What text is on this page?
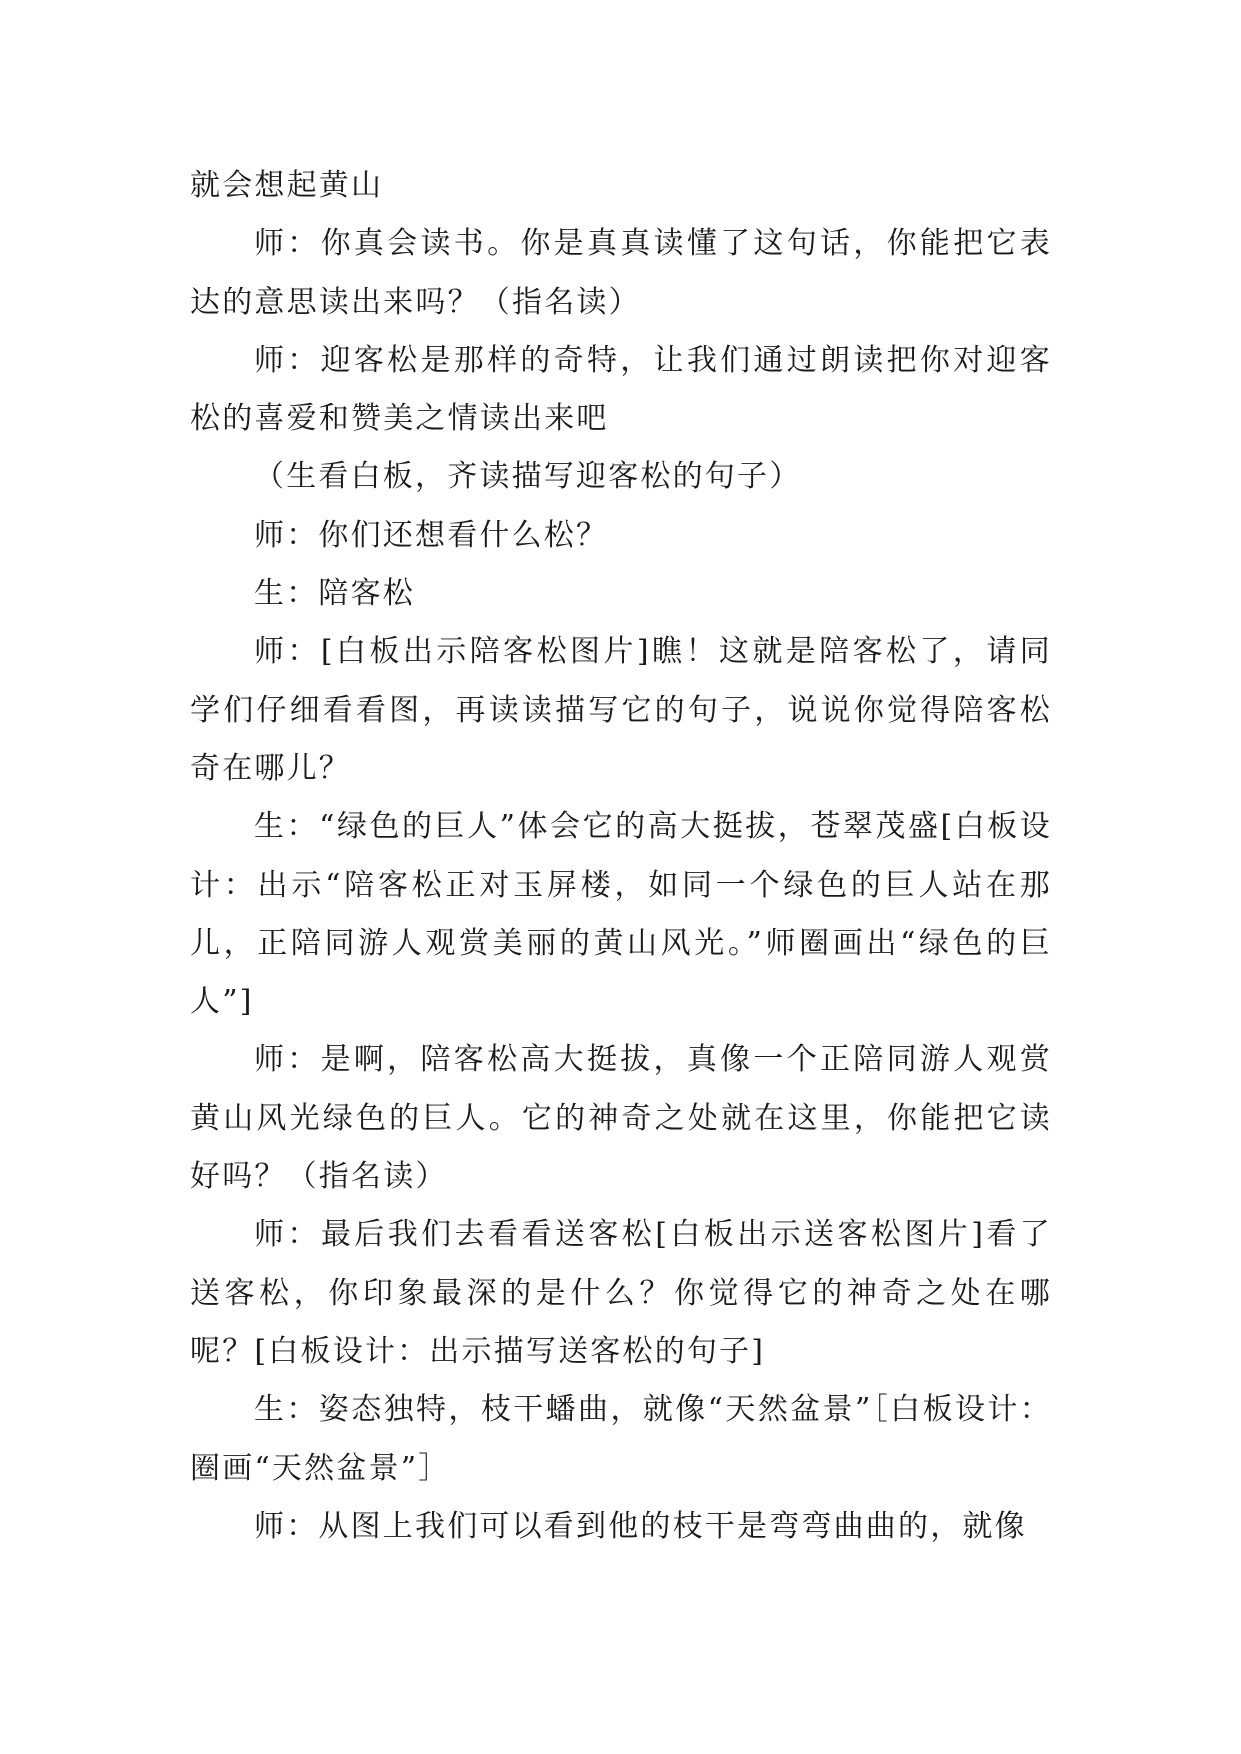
就会想起黄山

师：你真会读书。你是真真读懂了这句话，你能把它表达的意思读出来吗？（指名读）

师：迎客松是那样的奇特，让我们通过朗读把你对迎客松的喜爱和赞美之情读出来吧

（生看白板，齐读描写迎客松的句子）

师：你们还想看什么松？

生：陪客松

师：[白板出示陪客松图片]瞧！这就是陪客松了，请同学们仔细看看图，再读读描写它的句子，说说你觉得陪客松奇在哪儿？

生：“绿色的巨人”体会它的高大挺拔，苍翠茂盛[白板设计：出示“陪客松正对玉屏楼，如同一个绿色的巨人站在那儿，正陪同游人观赏美丽的黄山风光。”师圈画出“绿色的巨人”]

师：是啊，陪客松高大挺拔，真像一个正陪同游人观赏黄山风光绿色的巨人。它的神奇之处就在这里，你能把它读好吗？（指名读）

师：最后我们去看看送客松[白板出示送客松图片]看了送客松，你印象最深的是什么？你觉得它的神奇之处在哪呢？[白板设计：出示描写送客松的句子]

生：姿态独特，枝干蟠曲，就像“天然盆景”［白板设计：圈画“天然盆景”］

师：从图上我们可以看到他的枝干是弯弯曲曲的，就像
